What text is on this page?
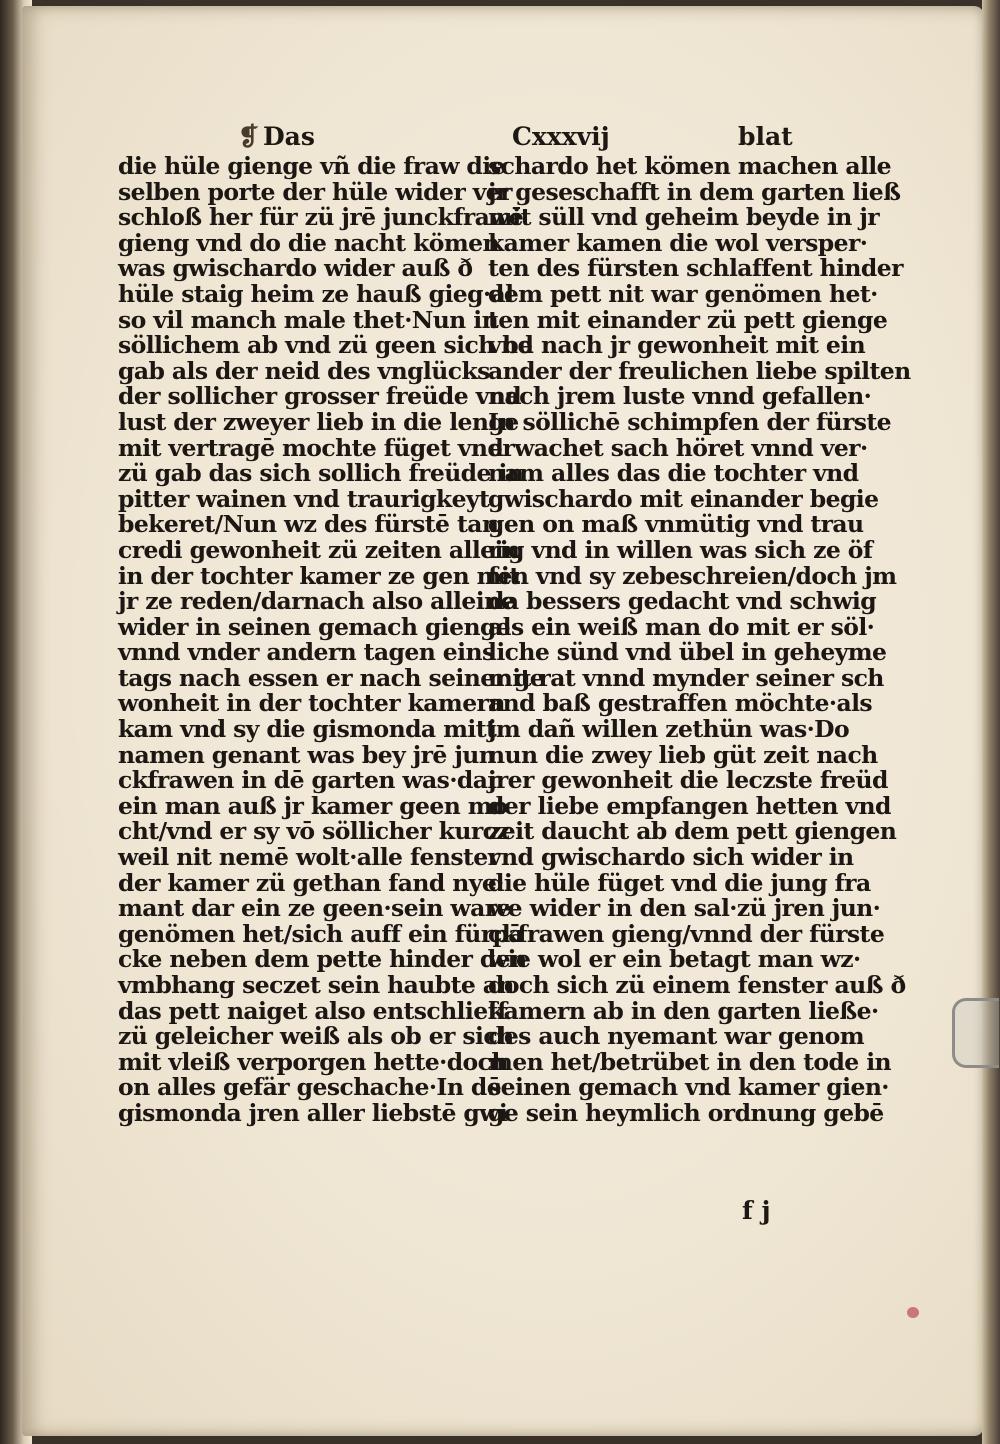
❡ Das	Cxxxvij	blat
die hüle gienge vñ die fraw die
selben porte der hüle wider ver
schloß her für zü jrē junckfrawē
gieng vnd do die nacht kömen
was gwischardo wider auß ð
hüle staig heim ze hauß gieg·al
so vil manch male thet·Nun in
söllichem ab vnd zü geen sich be
gab als der neid des vnglücks
der sollicher grosser freüde vnd
lust der zweyer lieb in die lenge
mit vertragē mochte füget vnd
zü gab das sich sollich freüde in
pitter wainen vnd traurigkeyt
bekeret/Nun wz des fürstē tan
credi gewonheit zü zeiten allein
in der tochter kamer ze gen mit
jr ze reden/darnach also alleine
wider in seinen gemach gienge·
vnnd vnder andern tagen eins
tags nach essen er nach seiner ge
wonheit in der tochter kamern
kam vnd sy die gismonda mitt
namen genant was bey jrē jun
ckfrawen in dē garten was·dar
ein man auß jr kamer geen mo
cht/vnd er sy vō söllicher kurcz
weil nit nemē wolt·alle fenster
der kamer zü gethan fand nye·
mant dar ein ze geen·sein ware
genömen het/sich auff ein fürpā
cke neben dem pette hinder den
vmbhang seczet sein haubte an
das pett naiget also entschlieff
zü geleicher weiß als ob er sich
mit vleiß verporgen hette·doch
on alles gefär geschache·In dē
gismonda jren aller liebstē gwi
schardo het kömen machen alle
jr geseschafft in dem garten ließ
mit süll vnd geheim beyde in jr
kamer kamen die wol versper·
ten des fürsten schlaffent hinder
dem pett nit war genömen het·
ten mit einander zü pett gienge
vnd nach jr gewonheit mit ein
ander der freulichen liebe spilten
nach jrem luste vnnd gefallen·
In söllichē schimpfen der fürste
erwachet sach höret vnnd ver·
nam alles das die tochter vnd
gwischardo mit einander begie
gen on maß vnmütig vnd trau
rig vnd in willen was sich ze öf
fen vnd sy zebeschreien/doch jm
da bessers gedacht vnd schwig
als ein weiß man do mit er söl·
liche sünd vnd übel in geheyme
mit rat vnnd mynder seiner sch
and baß gestraffen möchte·als
jm dañ willen zethün was·Do
nun die zwey lieb güt zeit nach
jrer gewonheit die leczste freüd
der liebe empfangen hetten vnd
zeit daucht ab dem pett giengen
vnd gwischardo sich wider in
die hüle füget vnd die jung fra
we wider in den sal·zü jren jun·
ckfrawen gieng/vnnd der fürste
wie wol er ein betagt man wz·
doch sich zü einem fenster auß ð
kamern ab in den garten ließe·
des auch nyemant war genom
men het/betrübet in den tode in
seinen gemach vnd kamer gien·
ge sein heymlich ordnung gebē
f j
